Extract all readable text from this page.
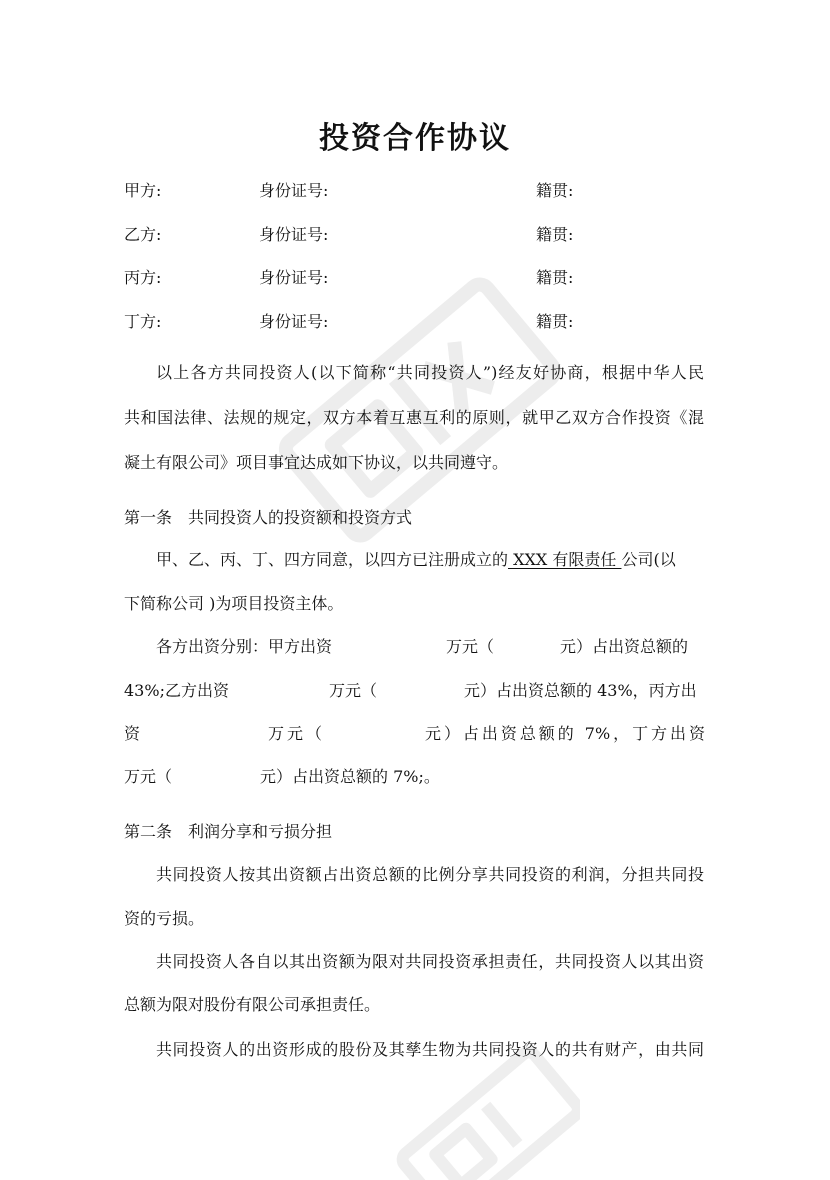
投资合作协议
甲方:	身份证号:	籍贯:
乙方:	身份证号:	籍贯:
丙方:	身份证号:	籍贯:
丁方:	身份证号:	籍贯:
以上各方共同投资人(以下简称“共同投资人”)经友好协商，根据中华人民
共和国法律、法规的规定，双方本着互惠互利的原则，就甲乙双方合作投资《混
凝土有限公司》项目事宜达成如下协议，以共同遵守。
第一条　共同投资人的投资额和投资方式
甲、乙、丙、丁、四方同意，以四方已注册成立的 XXX 有限责任 公司(以
下简称公司 )为项目投资主体。
各方出资分别：甲方出资	万元（	元）占出资总额的
43%;乙方出资	万元（	元）占出资总额的 43%，丙方出
资	万元（	元）占出资总额的 7%，丁方出资
万元（	元）占出资总额的 7%;。
第二条　利润分享和亏损分担
共同投资人按其出资额占出资总额的比例分享共同投资的利润，分担共同投
资的亏损。
共同投资人各自以其出资额为限对共同投资承担责任，共同投资人以其出资
总额为限对股份有限公司承担责任。
共同投资人的出资形成的股份及其孳生物为共同投资人的共有财产，由共同
